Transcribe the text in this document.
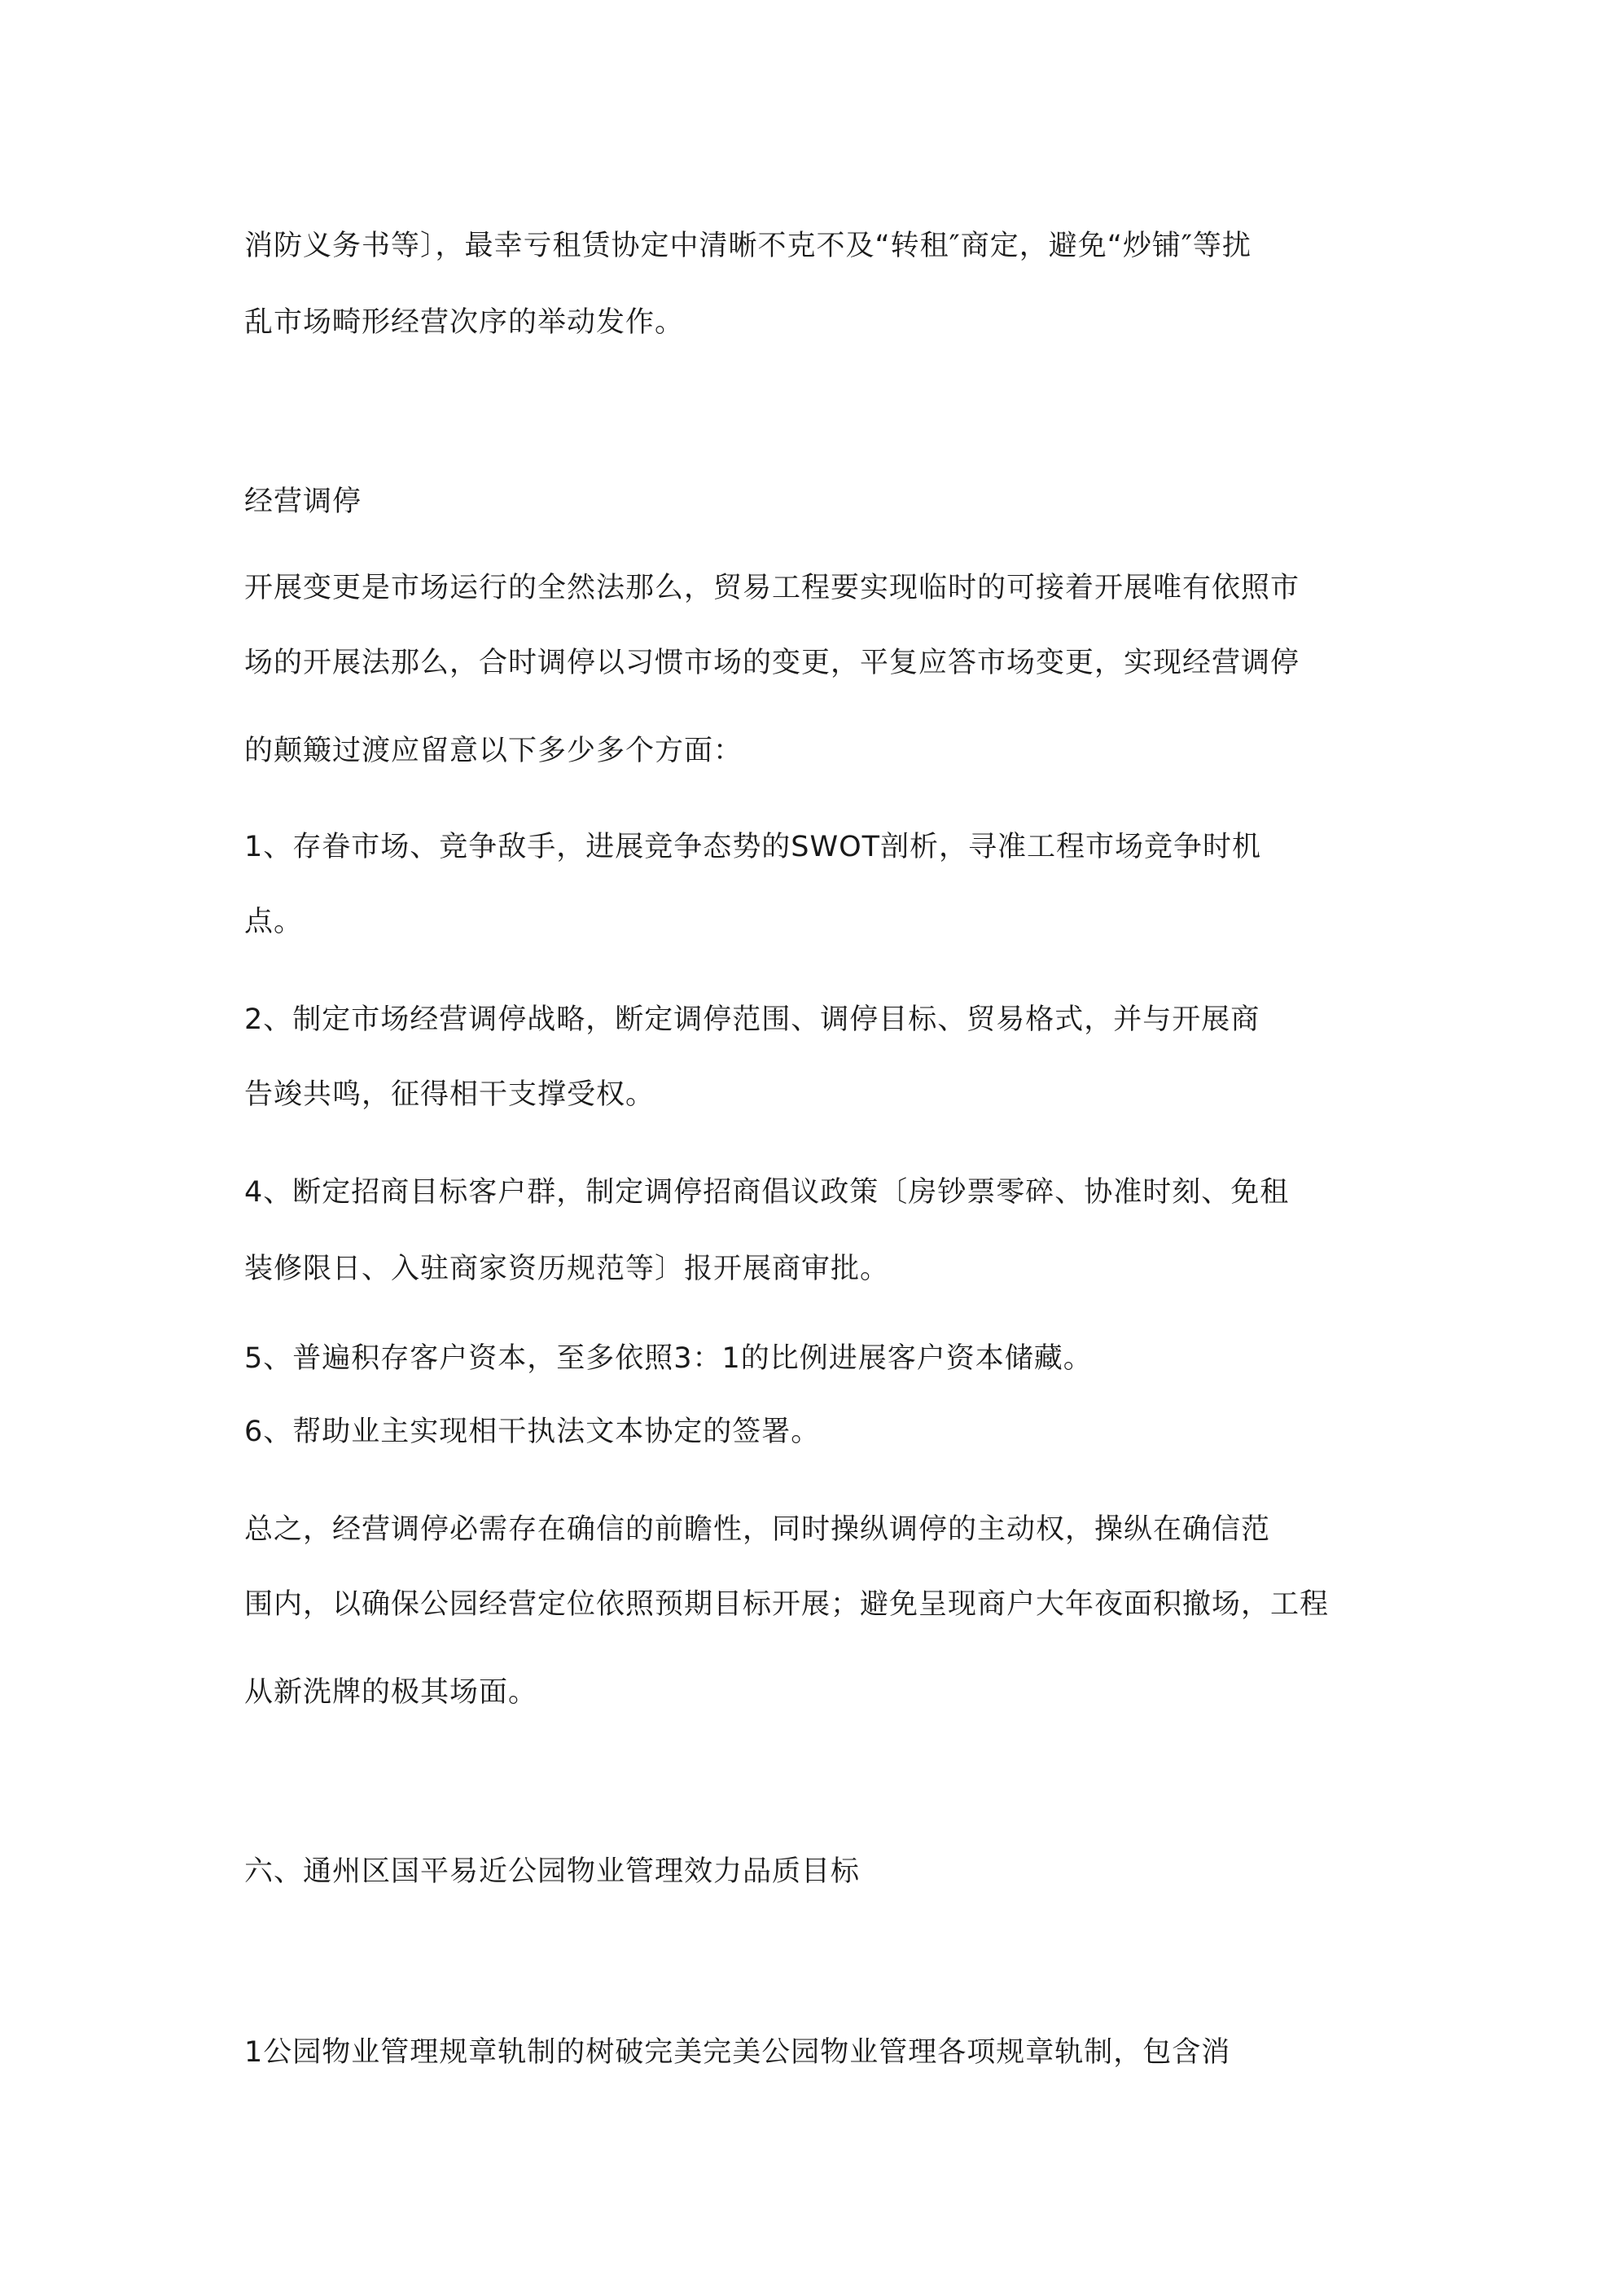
消防义务书等〕，最幸亏租赁协定中清晰不克不及“转租″商定，避免“炒铺″等扰
乱市场畸形经营次序的举动发作。
经营调停
开展变更是市场运行的全然法那么，贸易工程要实现临时的可接着开展唯有依照市
场的开展法那么，合时调停以习惯市场的变更，平复应答市场变更，实现经营调停
的颠簸过渡应留意以下多少多个方面：
1、存眷市场、竞争敌手，进展竞争态势的SWOT剖析，寻准工程市场竞争时机
点。
2、制定市场经营调停战略，断定调停范围、调停目标、贸易格式，并与开展商
告竣共鸣，征得相干支撑受权。
4、断定招商目标客户群，制定调停招商倡议政策〔房钞票零碎、协准时刻、免租
装修限日、入驻商家资历规范等〕报开展商审批。
5、普遍积存客户资本，至多依照3：1的比例进展客户资本储藏。
6、帮助业主实现相干执法文本协定的签署。
总之，经营调停必需存在确信的前瞻性，同时操纵调停的主动权，操纵在确信范
围内，以确保公园经营定位依照预期目标开展；避免呈现商户大年夜面积撤场，工程
从新洗牌的极其场面。
六、通州区国平易近公园物业管理效力品质目标
1公园物业管理规章轨制的树破完美完美公园物业管理各项规章轨制，包含消
